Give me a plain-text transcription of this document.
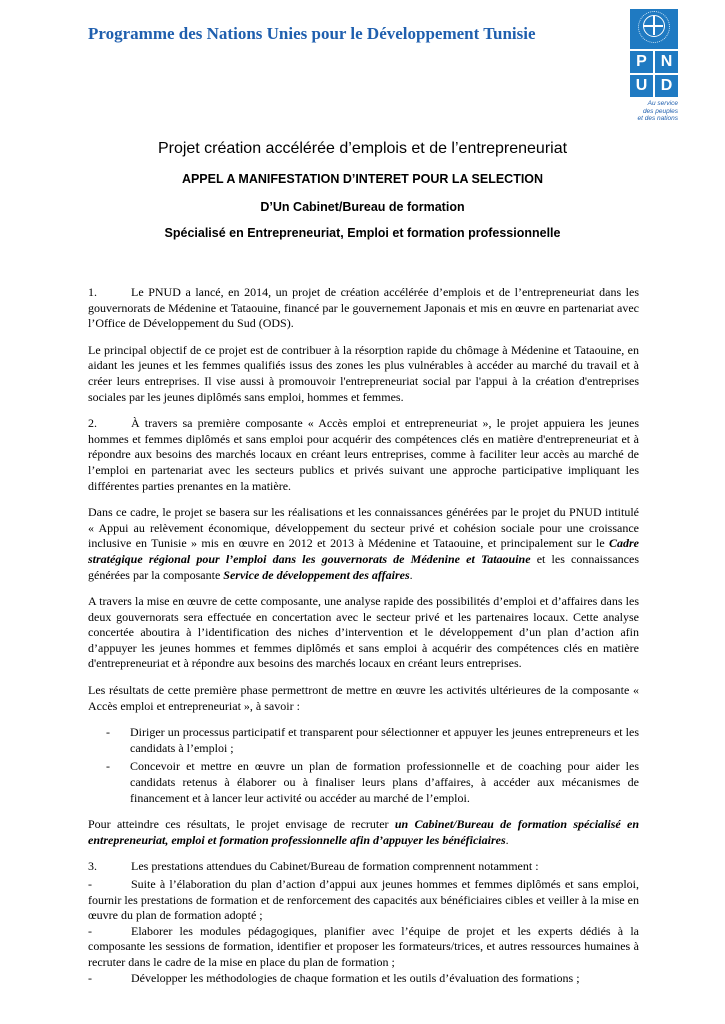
Programme des Nations Unies pour le Développement Tunisie
P N
U D
Au service
des peuples
et des nations
Projet création accélérée d’emplois et de l’entrepreneuriat
APPEL A MANIFESTATION D’INTERET POUR LA SELECTION
D’Un Cabinet/Bureau de formation
Spécialisé en Entrepreneuriat, Emploi et formation professionnelle

1.	Le PNUD a lancé, en 2014, un projet de création accélérée d’emplois et de l’entrepreneuriat dans les gouvernorats de Médenine et Tataouine, financé par le gouvernement Japonais et mis en œuvre en partenariat avec l’Office de Développement du Sud (ODS).

Le principal objectif de ce projet est de contribuer à la résorption rapide du chômage à Médenine et Tataouine, en aidant les jeunes et les femmes qualifiés issus des zones les plus vulnérables à accéder au marché du travail et à créer leurs entreprises. Il vise aussi à promouvoir l'entrepreneuriat social par l'appui à la création d'entreprises sociales par les jeunes diplômés sans emploi, hommes et femmes.

2.	À travers sa première composante « Accès emploi et entrepreneuriat », le projet appuiera les jeunes hommes et femmes diplômés et sans emploi pour acquérir des compétences clés en matière d'entrepreneuriat et à répondre aux besoins des marchés locaux en créant leurs entreprises, comme à faciliter leur accès au marché de l’emploi en partenariat avec les secteurs publics et privés suivant une approche participative impliquant les différentes parties prenantes en la matière.

Dans ce cadre, le projet se basera sur les réalisations et les connaissances générées par le projet du PNUD intitulé « Appui au relèvement économique, développement du secteur privé et cohésion sociale pour une croissance inclusive en Tunisie » mis en œuvre en 2012 et 2013 à Médenine et Tataouine, et principalement sur le Cadre stratégique régional pour l’emploi dans les gouvernorats de Médenine et Tataouine et les connaissances générées par la composante Service de développement des affaires.

A travers la mise en œuvre de cette composante, une analyse rapide des possibilités d’emploi et d’affaires dans les deux gouvernorats sera effectuée en concertation avec le secteur privé et les partenaires locaux. Cette analyse concertée aboutira à l’identification des niches d’intervention et le développement d’un plan d’action afin d’appuyer les jeunes hommes et femmes diplômés et sans emploi à acquérir des compétences clés en matière d'entrepreneuriat et à répondre aux besoins des marchés locaux en créant leurs entreprises.

Les résultats de cette première phase permettront de mettre en œuvre les activités ultérieures de la composante « Accès emploi et entrepreneuriat », à savoir :

- Diriger un processus participatif et transparent pour sélectionner et appuyer les jeunes entrepreneurs et les candidats à l’emploi ;
- Concevoir et mettre en œuvre un plan de formation professionnelle et de coaching pour aider les candidats retenus à élaborer ou à finaliser leurs plans d’affaires, à accéder aux mécanismes de financement et à lancer leur activité ou accéder au marché de l’emploi.

Pour atteindre ces résultats, le projet envisage de recruter un Cabinet/Bureau de formation spécialisé en entrepreneuriat, emploi et formation professionnelle afin d’appuyer les bénéficiaires.

3.	Les prestations attendues du Cabinet/Bureau de formation comprennent notamment :

-	Suite à l’élaboration du plan d’action d’appui aux jeunes hommes et femmes diplômés et sans emploi, fournir les prestations de formation et de renforcement des capacités aux bénéficiaires cibles et veiller à la mise en œuvre du plan de formation adopté ;
-	Elaborer les modules pédagogiques, planifier avec l’équipe de projet et les experts dédiés à la composante les sessions de formation, identifier et proposer les formateurs/trices, et autres ressources humaines à recruter dans le cadre de la mise en place du plan de formation ;
-	Développer les méthodologies de chaque formation et les outils d’évaluation des formations ;
